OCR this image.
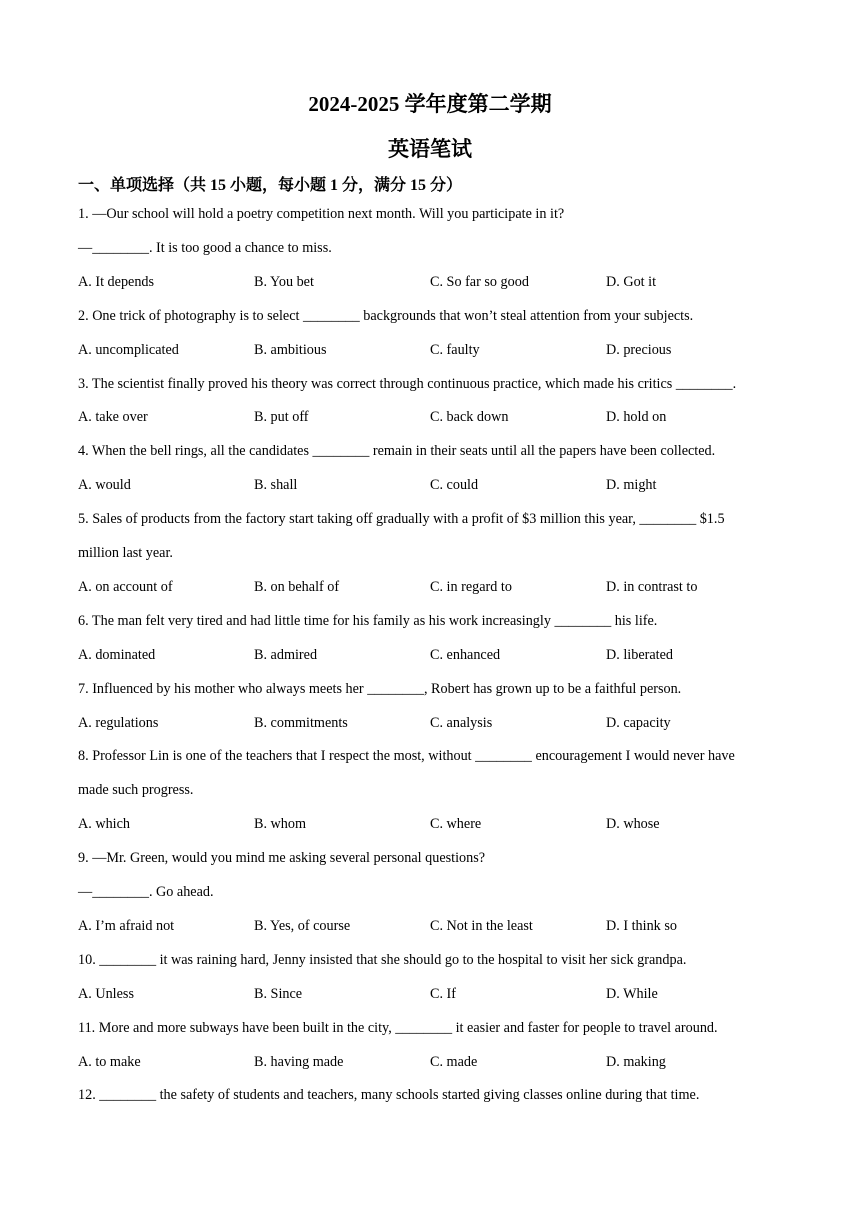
2024-2025 学年度第二学期
英语笔试
一、单项选择（共 15 小题，每小题 1 分，满分 15 分）
1. —Our school will hold a poetry competition next month. Will you participate in it?
—________. It is too good a chance to miss.
A. It depends	B. You bet	C. So far so good	D. Got it
2. One trick of photography is to select ________ backgrounds that won’t steal attention from your subjects.
A. uncomplicated	B. ambitious	C. faulty	D. precious
3. The scientist finally proved his theory was correct through continuous practice, which made his critics ________.
A. take over	B. put off	C. back down	D. hold on
4. When the bell rings, all the candidates ________ remain in their seats until all the papers have been collected.
A. would	B. shall	C. could	D. might
5. Sales of products from the factory start taking off gradually with a profit of $3 million this year, ________ $1.5
million last year.
A. on account of	B. on behalf of	C. in regard to	D. in contrast to
6. The man felt very tired and had little time for his family as his work increasingly ________ his life.
A. dominated	B. admired	C. enhanced	D. liberated
7. Influenced by his mother who always meets her ________, Robert has grown up to be a faithful person.
A. regulations	B. commitments	C. analysis	D. capacity
8. Professor Lin is one of the teachers that I respect the most, without ________ encouragement I would never have
made such progress.
A. which	B. whom	C. where	D. whose
9. —Mr. Green, would you mind me asking several personal questions?
—________. Go ahead.
A. I’m afraid not	B. Yes, of course	C. Not in the least	D. I think so
10. ________ it was raining hard, Jenny insisted that she should go to the hospital to visit her sick grandpa.
A. Unless	B. Since	C. If	D. While
11. More and more subways have been built in the city, ________ it easier and faster for people to travel around.
A. to make	B. having made	C. made	D. making
12. ________ the safety of students and teachers, many schools started giving classes online during that time.
